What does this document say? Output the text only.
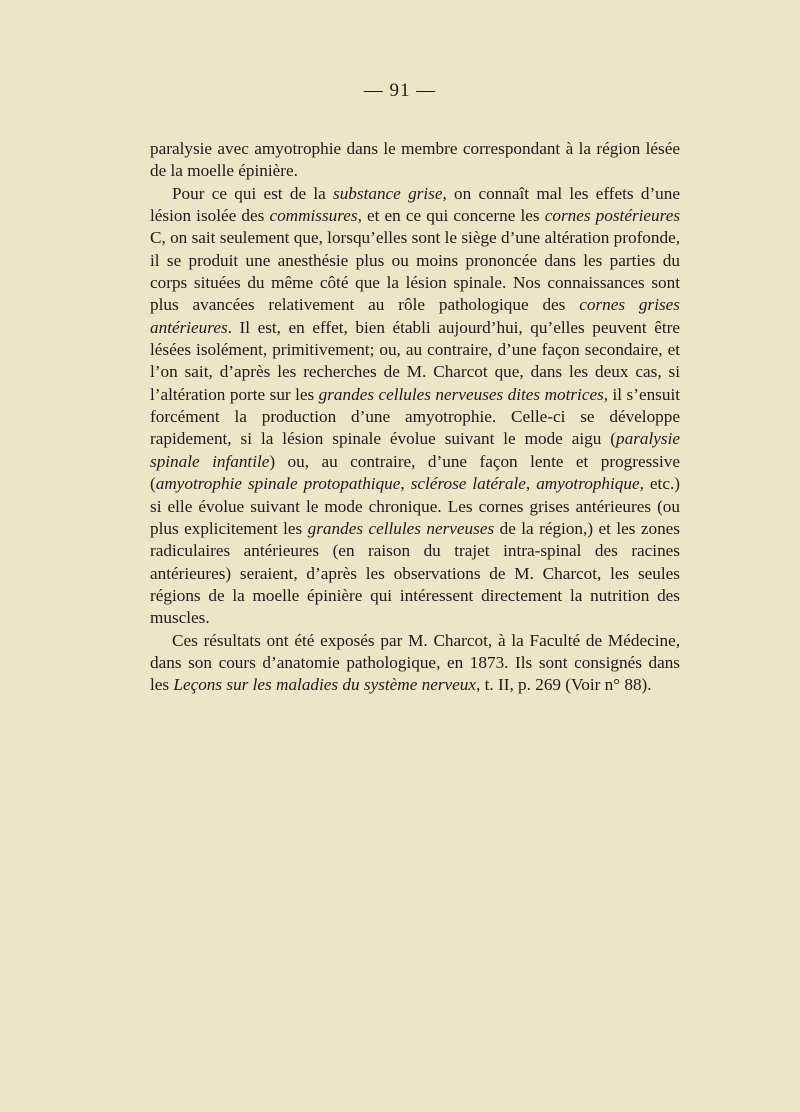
— 91 —

paralysie avec amyotrophie dans le membre correspondant à la région lésée de la moelle épinière.

Pour ce qui est de la substance grise, on connaît mal les effets d’une lésion isolée des commissures, et en ce qui concerne les cornes postérieures C, on sait seulement que, lorsqu’elles sont le siège d’une altération profonde, il se produit une anesthésie plus ou moins prononcée dans les parties du corps situées du même côté que la lésion spinale. Nos connaissances sont plus avancées relativement au rôle pathologique des cornes grises antérieures. Il est, en effet, bien établi aujourd’hui, qu’elles peuvent être lésées isolément, primitivement; ou, au contraire, d’une façon secondaire, et l’on sait, d’après les recherches de M. Charcot que, dans les deux cas, si l’altération porte sur les grandes cellules nerveuses dites motrices, il s’ensuit forcément la production d’une amyotrophie. Celle-ci se développe rapidement, si la lésion spinale évolue suivant le mode aigu (paralysie spinale infantile) ou, au contraire, d’une façon lente et progressive (amyotrophie spinale protopathique, sclérose latérale, amyotrophique, etc.) si elle évolue suivant le mode chronique. Les cornes grises antérieures (ou plus explicitement les grandes cellules nerveuses de la région,) et les zones radiculaires antérieures (en raison du trajet intra-spinal des racines antérieures) seraient, d’après les observations de M. Charcot, les seules régions de la moelle épinière qui intéressent directement la nutrition des muscles.

Ces résultats ont été exposés par M. Charcot, à la Faculté de Médecine, dans son cours d’anatomie pathologique, en 1873. Ils sont consignés dans les Leçons sur les maladies du système nerveux, t. II, p. 269 (Voir n° 88).
